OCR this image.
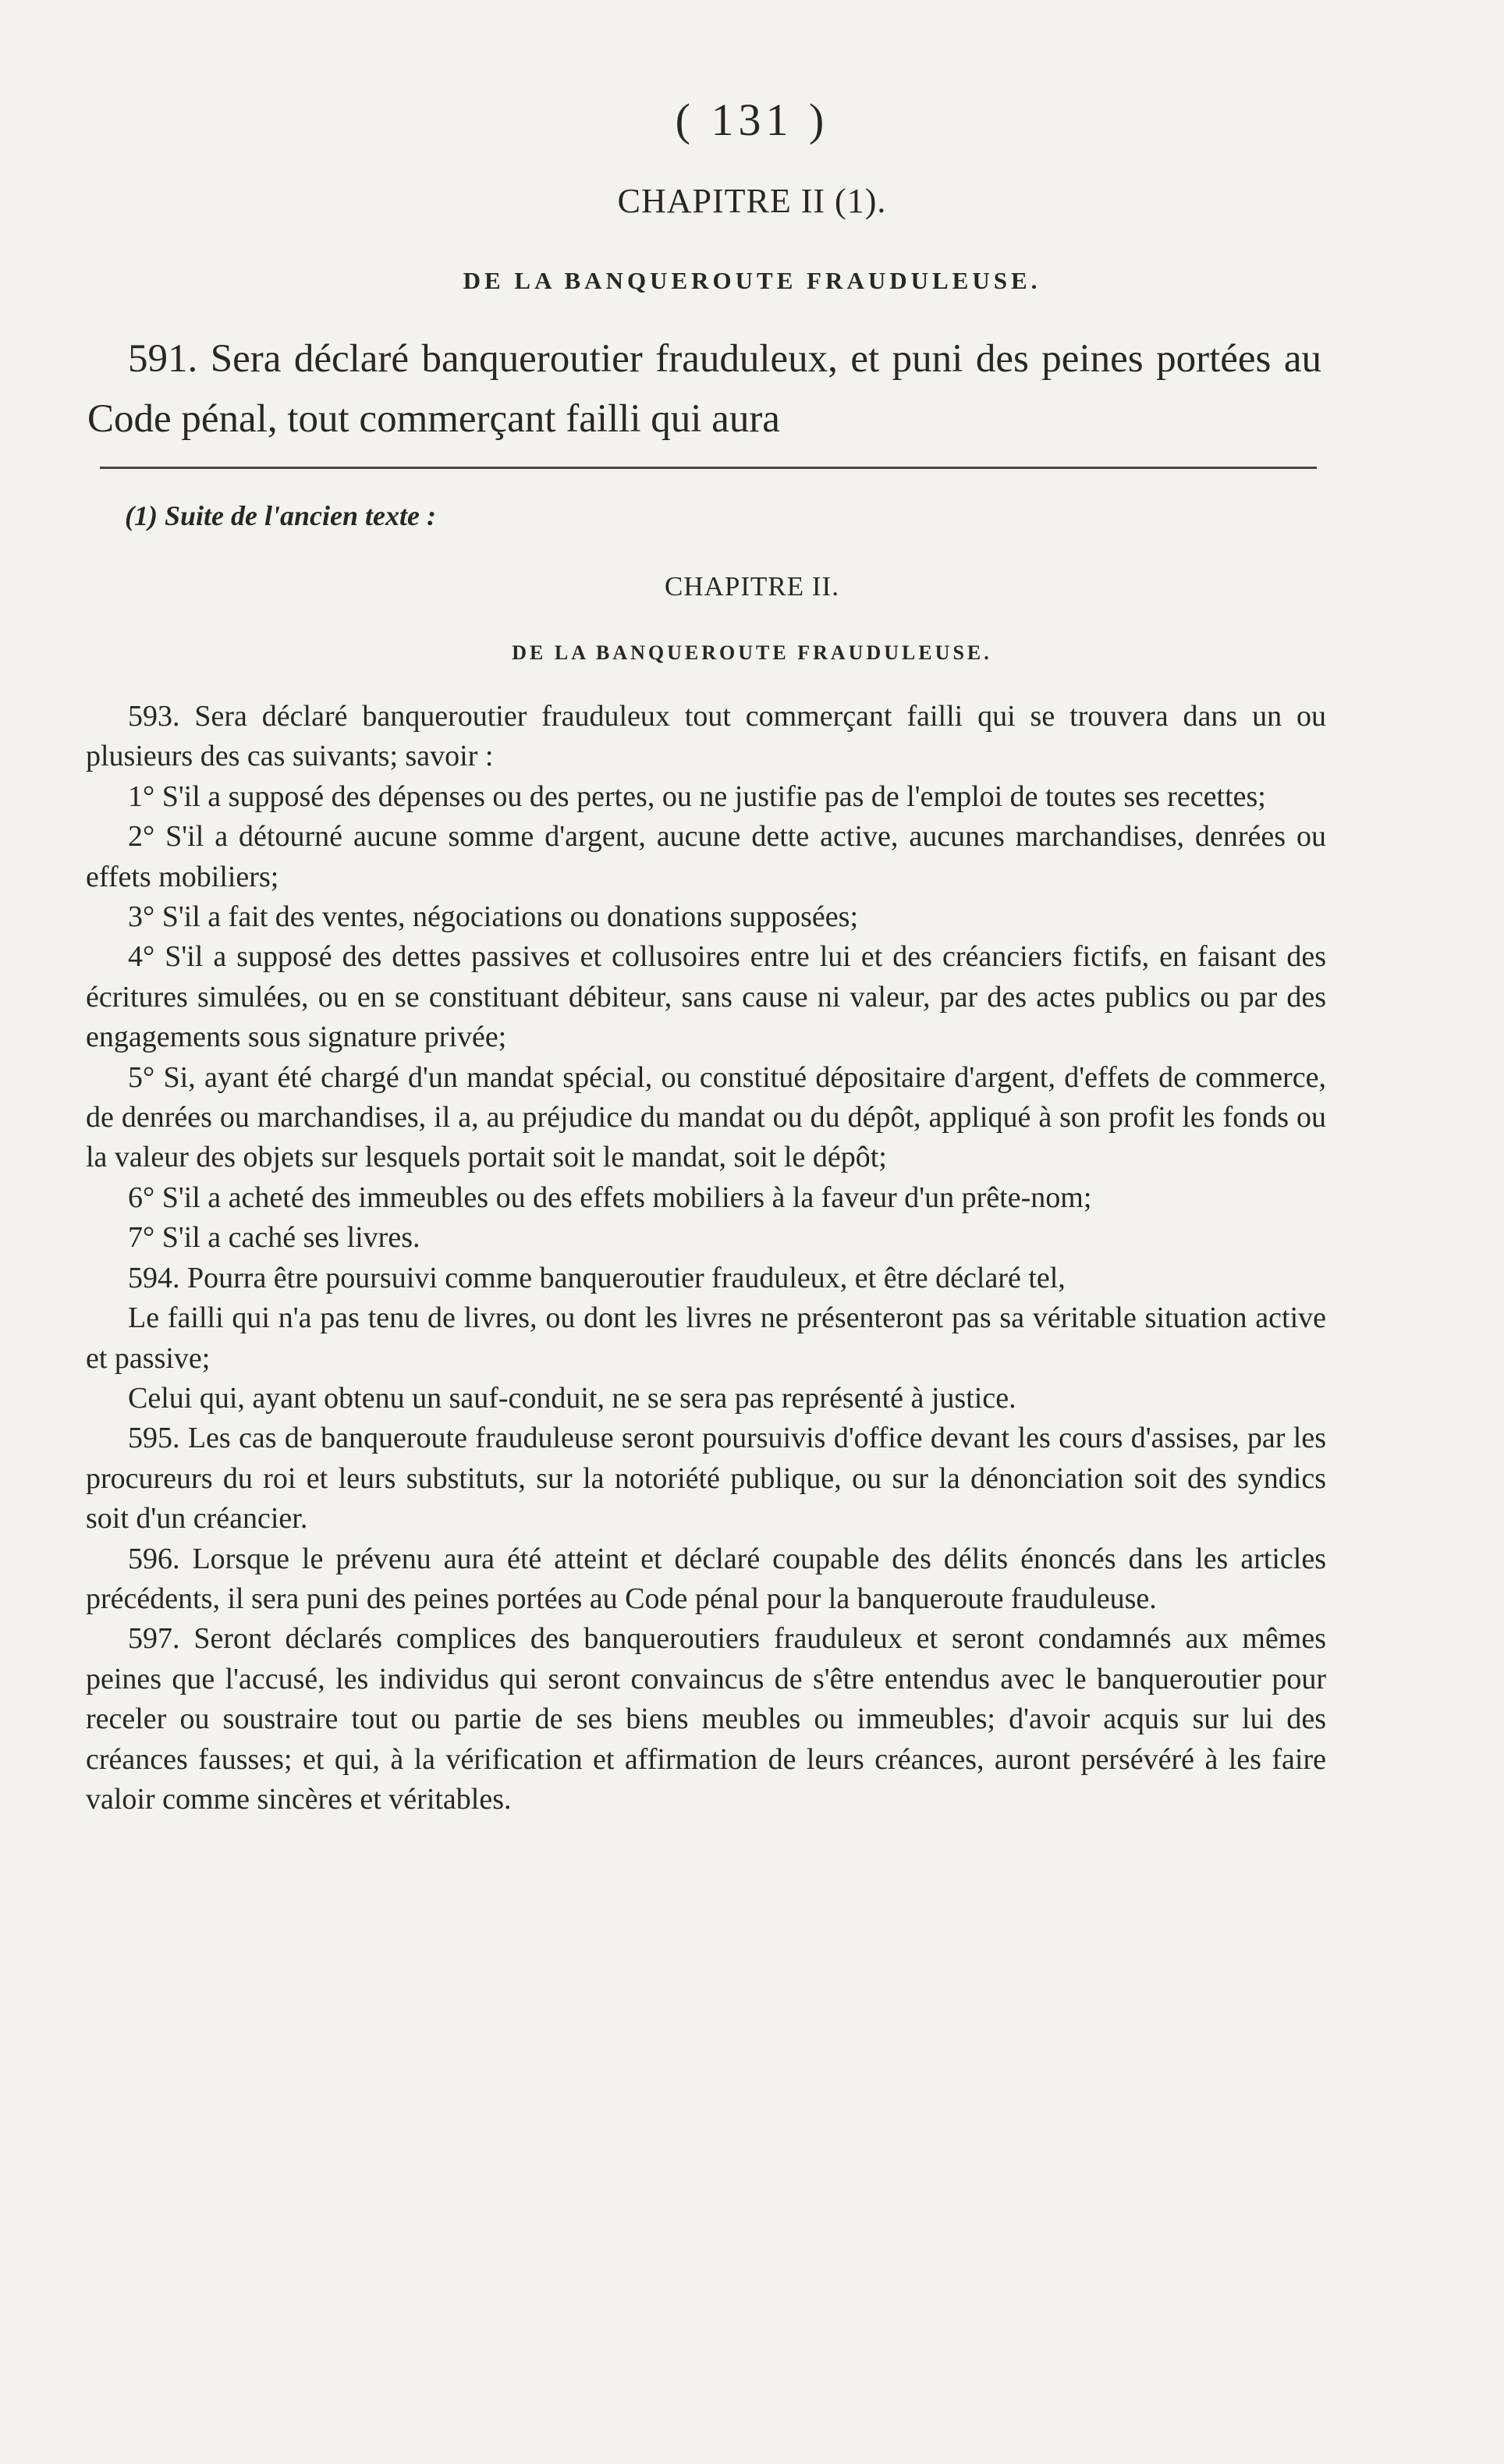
( 131 )
CHAPITRE II (1).
DE LA BANQUEROUTE FRAUDULEUSE.
591. Sera déclaré banqueroutier frauduleux, et puni des peines portées au Code pénal, tout commerçant failli qui aura
(1) Suite de l'ancien texte :
CHAPITRE II.
DE LA BANQUEROUTE FRAUDULEUSE.

593. Sera déclaré banqueroutier frauduleux tout commerçant failli qui se trouvera dans un ou plusieurs des cas suivants; savoir :

1° S'il a supposé des dépenses ou des pertes, ou ne justifie pas de l'emploi de toutes ses recettes;

2° S'il a détourné aucune somme d'argent, aucune dette active, aucunes marchandises, denrées ou effets mobiliers;

3° S'il a fait des ventes, négociations ou donations supposées;

4° S'il a supposé des dettes passives et collusoires entre lui et des créanciers fictifs, en faisant des écritures simulées, ou en se constituant débiteur, sans cause ni valeur, par des actes publics ou par des engagements sous signature privée;

5° Si, ayant été chargé d'un mandat spécial, ou constitué dépositaire d'argent, d'effets de commerce, de denrées ou marchandises, il a, au préjudice du mandat ou du dépôt, appliqué à son profit les fonds ou la valeur des objets sur lesquels portait soit le mandat, soit le dépôt;

6° S'il a acheté des immeubles ou des effets mobiliers à la faveur d'un prête-nom;

7° S'il a caché ses livres.

594. Pourra être poursuivi comme banqueroutier frauduleux, et être déclaré tel,

Le failli qui n'a pas tenu de livres, ou dont les livres ne présenteront pas sa véritable situation active et passive;

Celui qui, ayant obtenu un sauf-conduit, ne se sera pas représenté à justice.

595. Les cas de banqueroute frauduleuse seront poursuivis d'office devant les cours d'assises, par les procureurs du roi et leurs substituts, sur la notoriété publique, ou sur la dénonciation soit des syndics soit d'un créancier.

596. Lorsque le prévenu aura été atteint et déclaré coupable des délits énoncés dans les articles précédents, il sera puni des peines portées au Code pénal pour la banqueroute frauduleuse.

597. Seront déclarés complices des banqueroutiers frauduleux et seront condamnés aux mêmes peines que l'accusé, les individus qui seront convaincus de s'être entendus avec le banqueroutier pour receler ou soustraire tout ou partie de ses biens meubles ou immeubles; d'avoir acquis sur lui des créances fausses; et qui, à la vérification et affirmation de leurs créances, auront persévéré à les faire valoir comme sincères et véritables.
